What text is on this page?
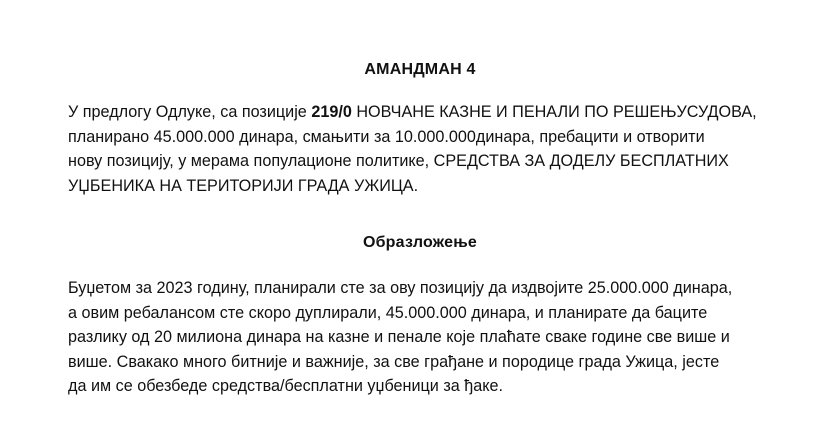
АМАНДМАН 4
У предлогу Одлуке, са позиције 219/0 НОВЧАНЕ КАЗНЕ И ПЕНАЛИ ПО РЕШЕЊУСУДОВА,
планирано 45.000.000 динара, смањити за 10.000.000динара, пребацити и отворити
нову позицију, у мерама популационе политике, СРЕДСТВА ЗА ДОДЕЛУ БЕСПЛАТНИХ
УЏБЕНИКА НА ТЕРИТОРИЈИ ГРАДА УЖИЦА.
Образложење
Буџетом за 2023 годину, планирали сте за ову позицију да издвојите 25.000.000 динара,
а овим ребалансом сте скоро дуплирали, 45.000.000 динара, и планирате да баците
разлику од 20 милиона динара на казне и пенале које плаћате сваке године све више и
више. Свакако много битније и важније, за све грађане и породице града Ужица, јесте
да им се обезбеде средства/бесплатни уџбеници за ђаке.
